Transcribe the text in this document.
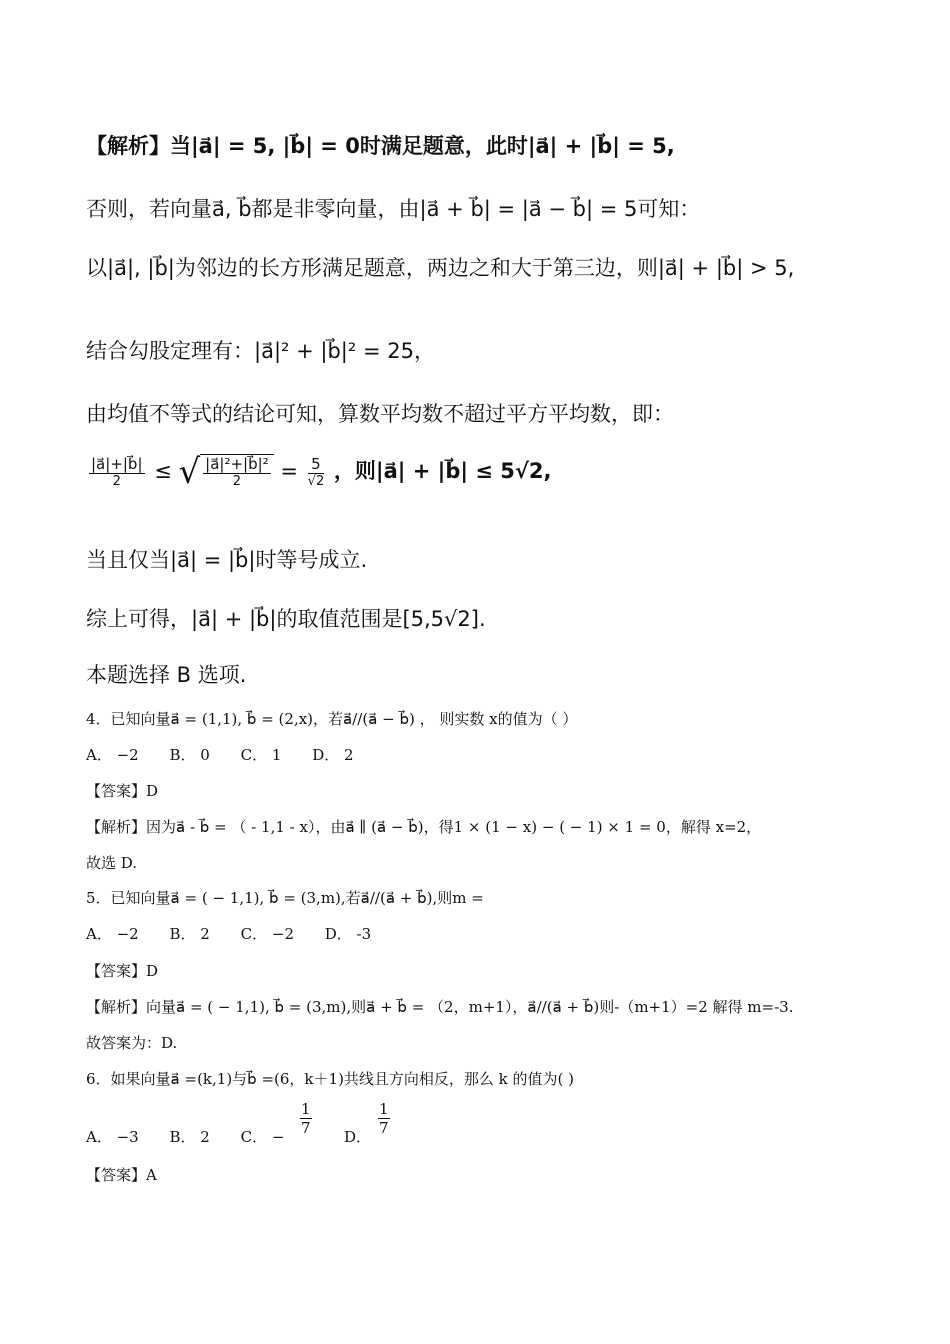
【解析】当|a⃗| = 5, |b⃗| = 0时满足题意，此时|a⃗| + |b⃗| = 5,
否则，若向量a⃗, b⃗都是非零向量，由|a⃗ + b⃗| = |a⃗ − b⃗| = 5可知：
以|a⃗|, |b⃗|为邻边的长方形满足题意，两边之和大于第三边，则|a⃗| + |b⃗| > 5,
结合勾股定理有：|a⃗|² + |b⃗|² = 25，
由均值不等式的结论可知，算数平均数不超过平方平均数，即：
$\frac{|a⃗|+|b⃗|}{2}$ ≤ √ $\frac{\text{|a⃗|²+|b⃗|²}}{2} = \frac{5}{√2}$ ，则|a⃗| + |b⃗| ≤ 5√2,
当且仅当|a⃗| = |b⃗|时等号成立.
综上可得，|a⃗| + |b⃗|的取值范围是[5,5√2].
本题选择 B 选项.
4．已知向量a⃗ = (1,1), b⃗ = (2,x)，若a⃗//(a⃗ − b⃗) ， 则实数 x的值为（ ）
A． −2 B． 0 C． 1 D． 2
【答案】D
【解析】因为a⃗ - b⃗ = （ - 1,1 - x），由a⃗ ∥ (a⃗ − b⃗)，得1 × (1 − x) − ( − 1) × 1 = 0，解得 x=2，
故选 D.
5．已知向量a⃗ = ( − 1,1), b⃗ = (3,m),若a⃗//(a⃗ + b⃗),则m =
A． −2 B． 2 C． −2 D． -3
【答案】D
【解析】向量a⃗ = ( − 1,1), b⃗ = (3,m),则a⃗ + b⃗ = （2，m+1），a⃗//(a⃗ + b⃗)则-（m+1）=2 解得 m=-3.
故答案为：D.
6．如果向量a⃗ =(k,1)与b⃗ =(6，k＋1)共线且方向相反，那么 k 的值为( )
A． −3 B． 2 C． − $\frac{1}{7}$ D． $\frac{1}{7}$
【答案】A
